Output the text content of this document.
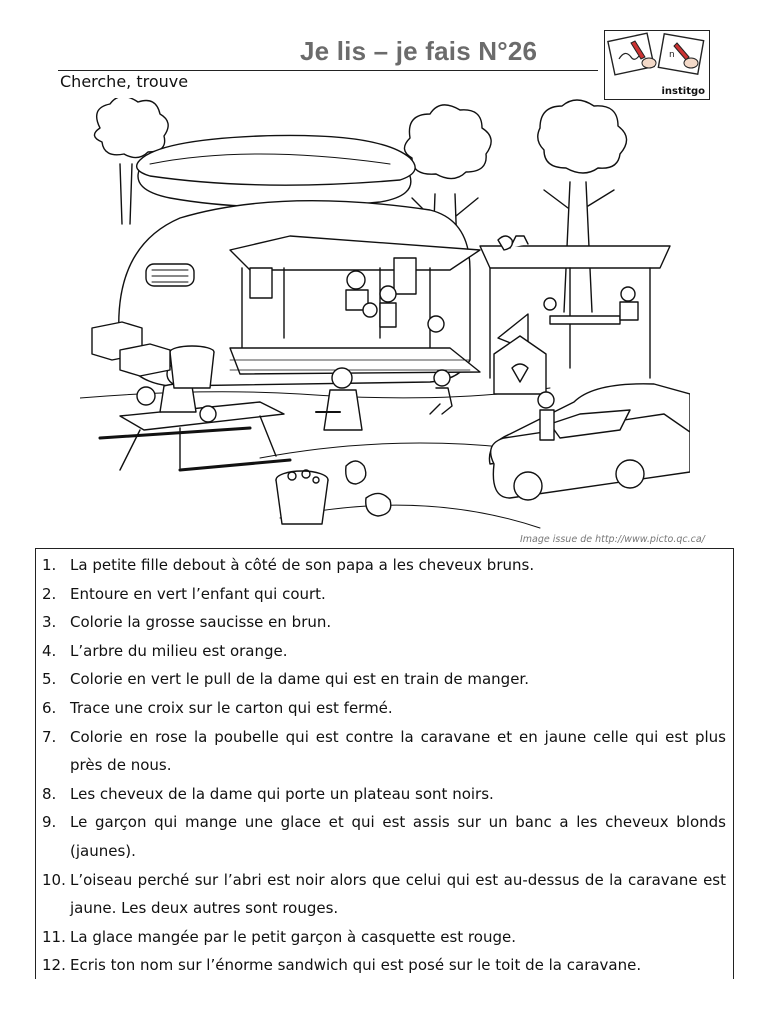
Je lis – je fais N°26
Cherche, trouve
n
institgo
Image issue de http://www.picto.qc.ca/
1. La petite fille debout à côté de son papa a les cheveux bruns.
2. Entoure en vert l’enfant qui court.
3. Colorie la grosse saucisse en brun.
4. L’arbre du milieu est orange.
5. Colorie en vert le pull de la dame qui est en train de manger.
6. Trace une croix sur le carton qui est fermé.
7. Colorie en rose la poubelle qui est contre la caravane et en jaune celle qui est plus près de nous.
8. Les cheveux de la dame qui porte un plateau sont noirs.
9. Le garçon qui mange une glace et qui est assis sur un banc a les cheveux blonds (jaunes).
10. L’oiseau perché sur l’abri est noir alors que celui qui est au-dessus de la caravane est jaune. Les deux autres sont rouges.
11. La glace mangée par le petit garçon à casquette est rouge.
12. Ecris ton nom sur l’énorme sandwich qui est posé sur le toit de la caravane.
